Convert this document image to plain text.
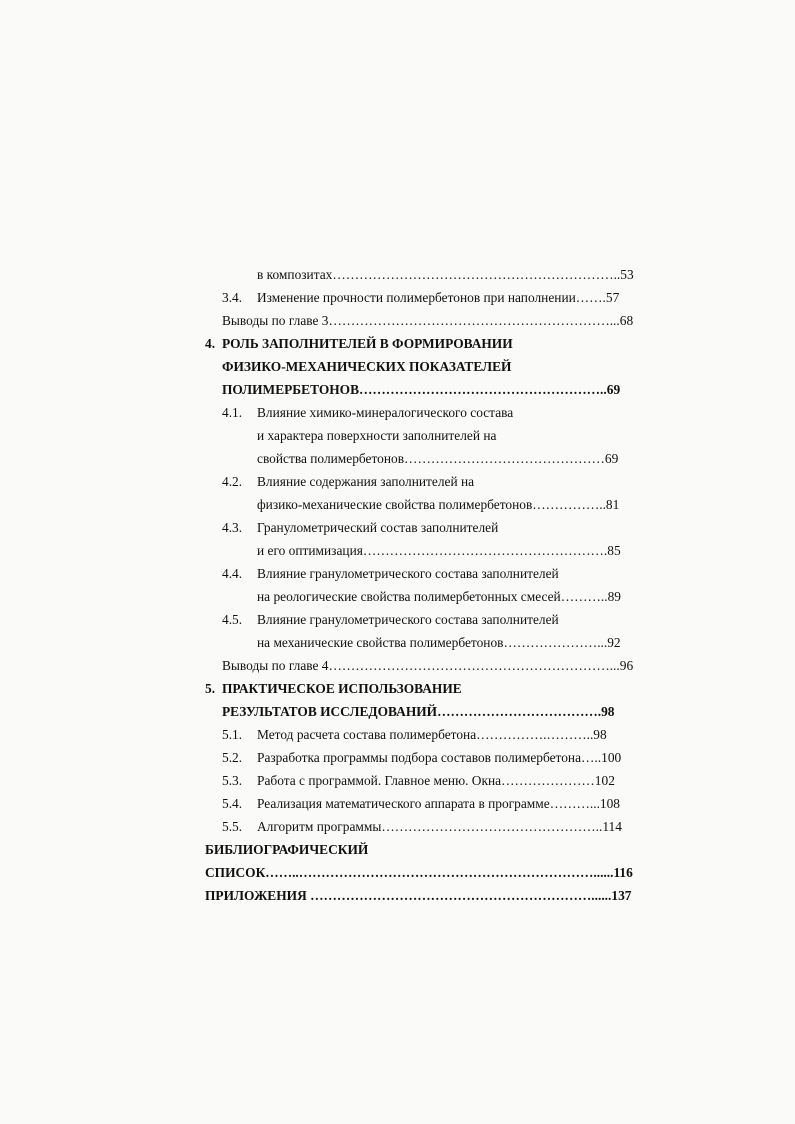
в композитах………………………………………………………..53
3.4. Изменение прочности полимербетонов при наполнении…….57
Выводы по главе 3………………………………………………………...68
4. РОЛЬ ЗАПОЛНИТЕЛЕЙ В ФОРМИРОВАНИИ
ФИЗИКО-МЕХАНИЧЕСКИХ ПОКАЗАТЕЛЕЙ
ПОЛИМЕРБЕТОНОВ………………………………………………..69
4.1. Влияние химико-минералогического состава
и характера поверхности заполнителей на
свойства полимербетонов………………………………………69
4.2. Влияние содержания заполнителей на
физико-механические свойства полимербетонов……………..81
4.3. Гранулометрический состав заполнителей
и его оптимизация……………………………………………….85
4.4. Влияние гранулометрического состава заполнителей
на реологические свойства полимербетонных смесей………..89
4.5. Влияние гранулометрического состава заполнителей
на механические свойства полимербетонов…………………...92
Выводы по главе 4………………………………………………………...96
5. ПРАКТИЧЕСКОЕ ИСПОЛЬЗОВАНИЕ
РЕЗУЛЬТАТОВ ИССЛЕДОВАНИЙ……………………………….98
5.1. Метод расчета состава полимербетона…………….………..98
5.2. Разработка программы подбора составов полимербетона…..100
5.3. Работа с программой. Главное меню. Окна…………………102
5.4. Реализация математического аппарата в программе………...108
5.5. Алгоритм программы…………………………………………..114
БИБЛИОГРАФИЧЕСКИЙ
СПИСОК……..…………………………………………………………......116
ПРИЛОЖЕНИЯ ………………………………………………………......137
